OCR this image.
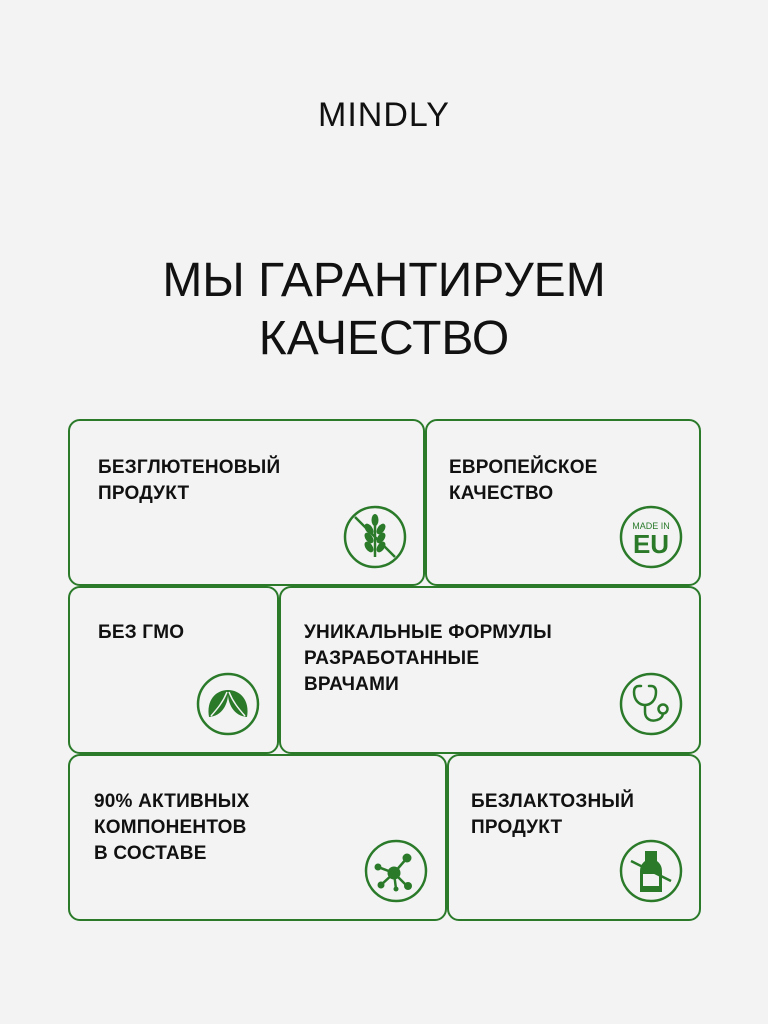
MINDLY
МЫ ГАРАНТИРУЕМ
КАЧЕСТВО
БЕЗГЛЮТЕНОВЫЙ
ПРОДУКТ
ЕВРОПЕЙСКОЕ
КАЧЕСТВО
MADE IN
EU
БЕЗ ГМО	УНИКАЛЬНЫЕ ФОРМУЛЫ
РАЗРАБОТАННЫЕ
ВРАЧАМИ
90% АКТИВНЫХ
КОМПОНЕНТОВ
В СОСТАВЕ
БЕЗЛАКТОЗНЫЙ
ПРОДУКТ
